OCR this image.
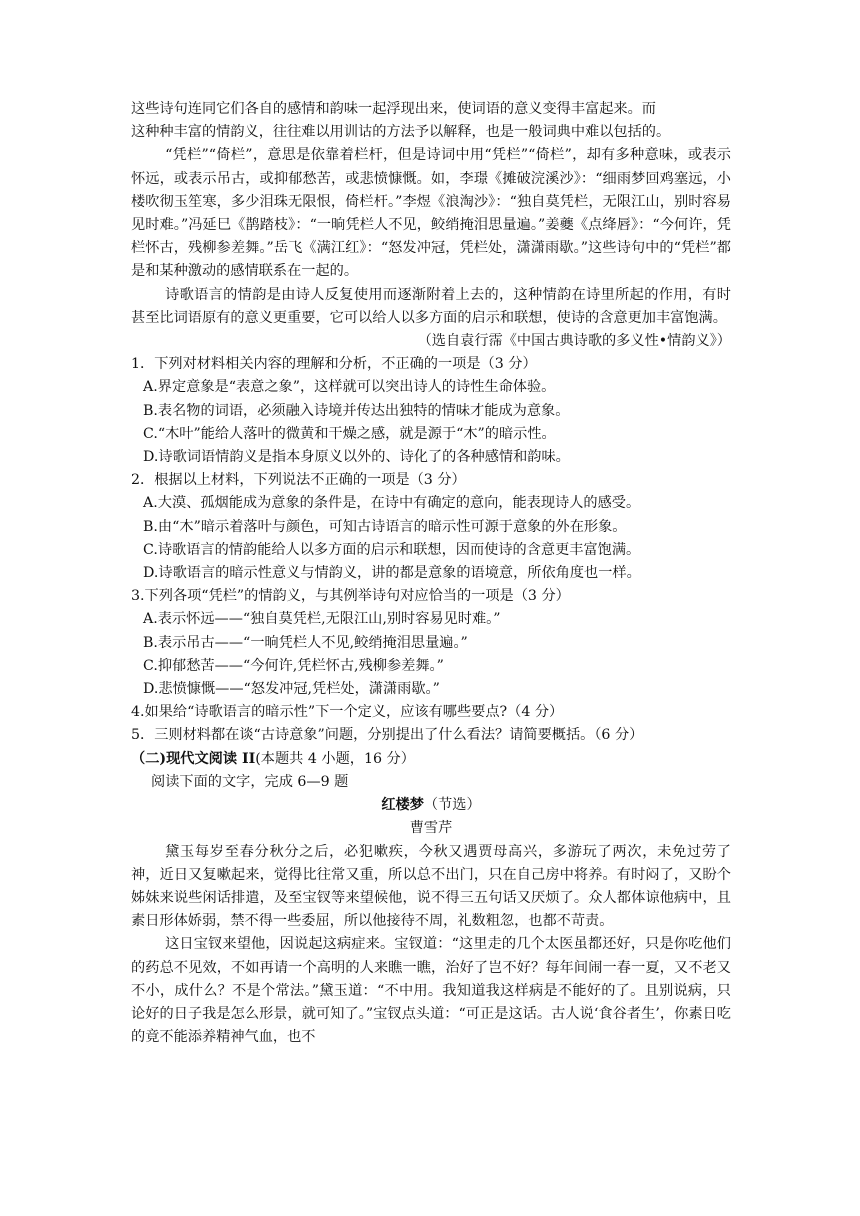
这些诗句连同它们各自的感情和韵味一起浮现出来，使词语的意义变得丰富起来。而
这种种丰富的情韵义，往往难以用训诂的方法予以解释，也是一般词典中难以包括的。

“凭栏”“倚栏”，意思是依靠着栏杆，但是诗词中用“凭栏”“倚栏”，却有多种意味，或表示怀远，或表示吊古，或抑郁愁苦，或悲愤慷慨。如，李璟《摊破浣溪沙》：“细雨梦回鸡塞远，小楼吹彻玉笙寒，多少泪珠无限恨，倚栏杆。”李煜《浪淘沙》：“独自莫凭栏，无限江山，别时容易见时难。”冯延巳《鹊踏枝》：“一晌凭栏人不见，鲛绡掩泪思量遍。”姜夔《点绛唇》：“今何许，凭栏怀古，残柳参差舞。”岳飞《满江红》：“怒发冲冠，凭栏处，潇潇雨歇。”这些诗句中的“凭栏”都是和某种激动的感情联系在一起的。

诗歌语言的情韵是由诗人反复使用而逐渐附着上去的，这种情韵在诗里所起的作用，有时甚至比词语原有的意义更重要，它可以给人以多方面的启示和联想，使诗的含意更加丰富饱满。

（选自袁行霈《中国古典诗歌的多义性•情韵义》）

1．下列对材料相关内容的理解和分析，不正确的一项是（3 分）

A.界定意象是“表意之象”，这样就可以突出诗人的诗性生命体验。

B.表名物的词语，必须融入诗境并传达出独特的情味才能成为意象。

C.“木叶”能给人落叶的微黄和干燥之感，就是源于“木”的暗示性。

D.诗歌词语情韵义是指本身原义以外的、诗化了的各种感情和韵味。

2．根据以上材料，下列说法不正确的一项是（3 分）

A.大漠、孤烟能成为意象的条件是，在诗中有确定的意向，能表现诗人的感受。

B.由“木”暗示着落叶与颜色，可知古诗语言的暗示性可源于意象的外在形象。

C.诗歌语言的情韵能给人以多方面的启示和联想，因而使诗的含意更丰富饱满。

D.诗歌语言的暗示性意义与情韵义，讲的都是意象的语境意，所依角度也一样。

3.下列各项“凭栏”的情韵义，与其例举诗句对应恰当的一项是（3 分）

A.表示怀远——“独自莫凭栏,无限江山,别时容易见时难。”

B.表示吊古——“一晌凭栏人不见,鲛绡掩泪思量遍。”

C.抑郁愁苦——“今何许,凭栏怀古,残柳参差舞。”

D.悲愤慷慨——“怒发冲冠,凭栏处，潇潇雨歇。”

4.如果给“诗歌语言的暗示性”下一个定义，应该有哪些要点?（4 分）

5．三则材料都在谈“古诗意象”问题，分别提出了什么看法？请简要概括。（6 分）

（二)现代文阅读 II(本题共 4 小题，16 分）

阅读下面的文字，完成 6—9 题

红楼梦（节选）

曹雪芹

黛玉每岁至春分秋分之后，必犯嗽疾，今秋又遇贾母高兴，多游玩了两次，未免过劳了神，近日又复嗽起来，觉得比往常又重，所以总不出门，只在自己房中将养。有时闷了，又盼个姊妹来说些闲话排遣，及至宝钗等来望候他，说不得三五句话又厌烦了。众人都体谅他病中，且素日形体娇弱，禁不得一些委屈，所以他接待不周，礼数粗忽，也都不苛责。

这日宝钗来望他，因说起这病症来。宝钗道：“这里走的几个太医虽都还好，只是你吃他们的药总不见效，不如再请一个高明的人来瞧一瞧，治好了岂不好？每年间闹一春一夏，又不老又不小，成什么？不是个常法。”黛玉道：“不中用。我知道我这样病是不能好的了。且别说病，只论好的日子我是怎么形景，就可知了。”宝钗点头道：“可正是这话。古人说‘食谷者生’，你素日吃的竟不能添养精神气血，也不
